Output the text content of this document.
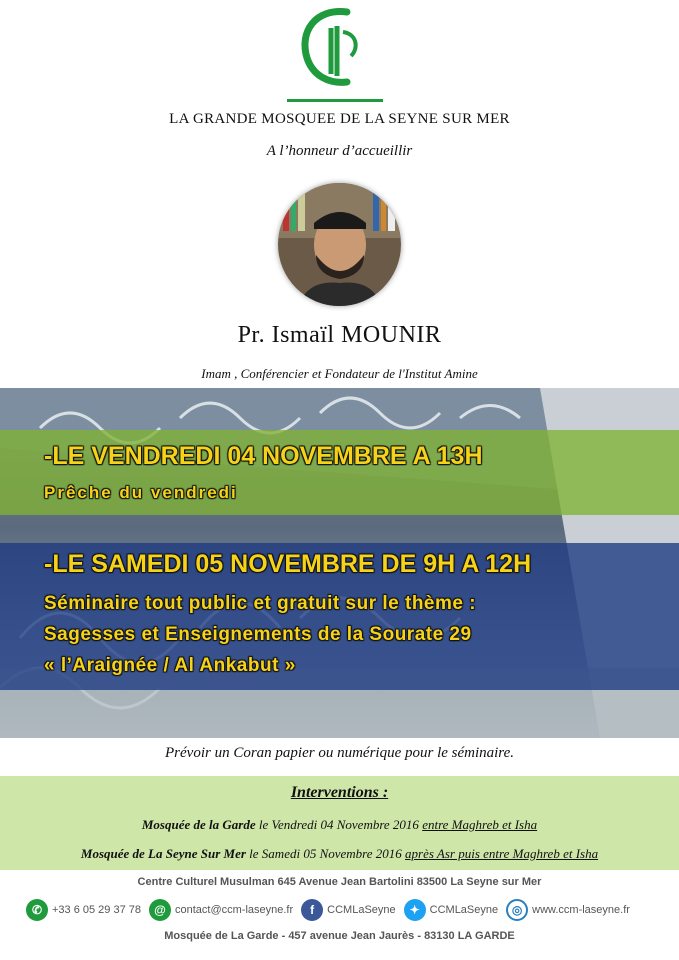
LA GRANDE MOSQUEE DE LA SEYNE SUR MER
A l’honneur d’accueillir
Pr. Ismaïl MOUNIR
Imam , Conférencier et Fondateur de l'Institut Amine
-LE VENDREDI 04 NOVEMBRE A 13H
Prêche du vendredi
-LE SAMEDI 05 NOVEMBRE DE 9H A 12H
Séminaire tout public et gratuit sur le thème :
Sagesses et Enseignements de la Sourate 29
« l’Araignée / Al Ankabut »
Prévoir un Coran papier ou numérique pour le séminaire.
Interventions :
Mosquée de la Garde le Vendredi 04 Novembre 2016 entre Maghreb et Isha
Mosquée de La Seyne Sur Mer le Samedi 05 Novembre 2016 après Asr puis entre Maghreb et Isha
Centre Culturel Musulman 645 Avenue Jean Bartolini 83500 La Seyne sur Mer
✆ +33 6 05 29 37 78	@ contact@ccm-laseyne.fr	f	CCMLaSeyne	✦ CCMLaSeyne	◎ www.ccm-laseyne.fr
Mosquée de La Garde - 457 avenue Jean Jaurès - 83130 LA GARDE
